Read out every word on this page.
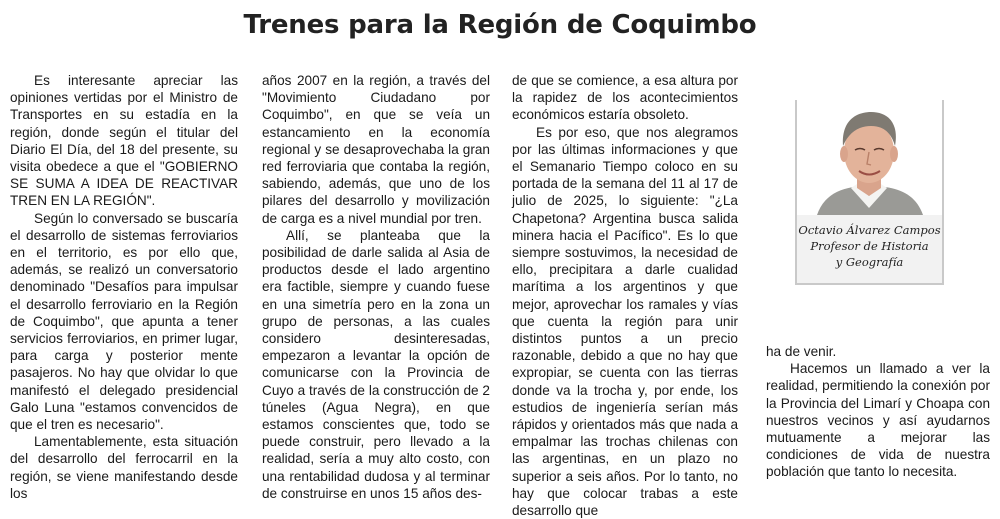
Trenes para la Región de Coquimbo

Es interesante apreciar las opiniones vertidas por el Ministro de Transportes en su estadía en la región, donde según el titular del Diario El Día, del 18 del presente, su visita obedece a que el "GOBIERNO SE SUMA A IDEA DE REACTIVAR TREN EN LA REGIÓN".

Según lo conversado se buscaría el desarrollo de sistemas ferroviarios en el territorio, es por ello que, además, se realizó un conversatorio denominado "Desafíos para impulsar el desarrollo ferroviario en la Región de Coquimbo", que apunta a tener servicios ferroviarios, en primer lugar, para carga y posterior mente pasajeros. No hay que olvidar lo que manifestó el delegado presidencial Galo Luna "estamos convencidos de que el tren es necesario".

Lamentablemente, esta situación del desarrollo del ferrocarril en la región, se viene manifestando desde los

años 2007 en la región, a través del "Movimiento Ciudadano por Coquimbo", en que se veía un estancamiento en la economía regional y se desaprovechaba la gran red ferroviaria que contaba la región, sabiendo, además, que uno de los pilares del desarrollo y movilización de carga es a nivel mundial por tren.

Allí, se planteaba que la posibilidad de darle salida al Asia de productos desde el lado argentino era factible, siempre y cuando fuese en una simetría pero en la zona un grupo de personas, a las cuales considero desinteresadas, empezaron a levantar la opción de comunicarse con la Provincia de Cuyo a través de la construcción de 2 túneles (Agua Negra), en que estamos conscientes que, todo se puede construir, pero llevado a la realidad, sería a muy alto costo, con una rentabilidad dudosa y al terminar de construirse en unos 15 años des-

de que se comience, a esa altura por la rapidez de los acontecimientos económicos estaría obsoleto.

Es por eso, que nos alegramos por las últimas informaciones y que el Semanario Tiempo coloco en su portada de la semana del 11 al 17 de julio de 2025, lo siguiente: "¿La Chapetona? Argentina busca salida minera hacia el Pacífico". Es lo que siempre sostuvimos, la necesidad de ello, precipitara a darle cualidad marítima a los argentinos y que mejor, aprovechar los ramales y vías que cuenta la región para unir distintos puntos a un precio razonable, debido a que no hay que expropiar, se cuenta con las tierras donde va la trocha y, por ende, los estudios de ingeniería serían más rápidos y orientados más que nada a empalmar las trochas chilenas con las argentinas, en un plazo no superior a seis años. Por lo tanto, no hay que colocar trabas a este desarrollo que

Octavio Álvarez Campos
Profesor de Historia
y Geografía

ha de venir.

Hacemos un llamado a ver la realidad, permitiendo la conexión por la Provincia del Limarí y Choapa con nuestros vecinos y así ayudarnos mutuamente a mejorar las condiciones de vida de nuestra población que tanto lo necesita.
